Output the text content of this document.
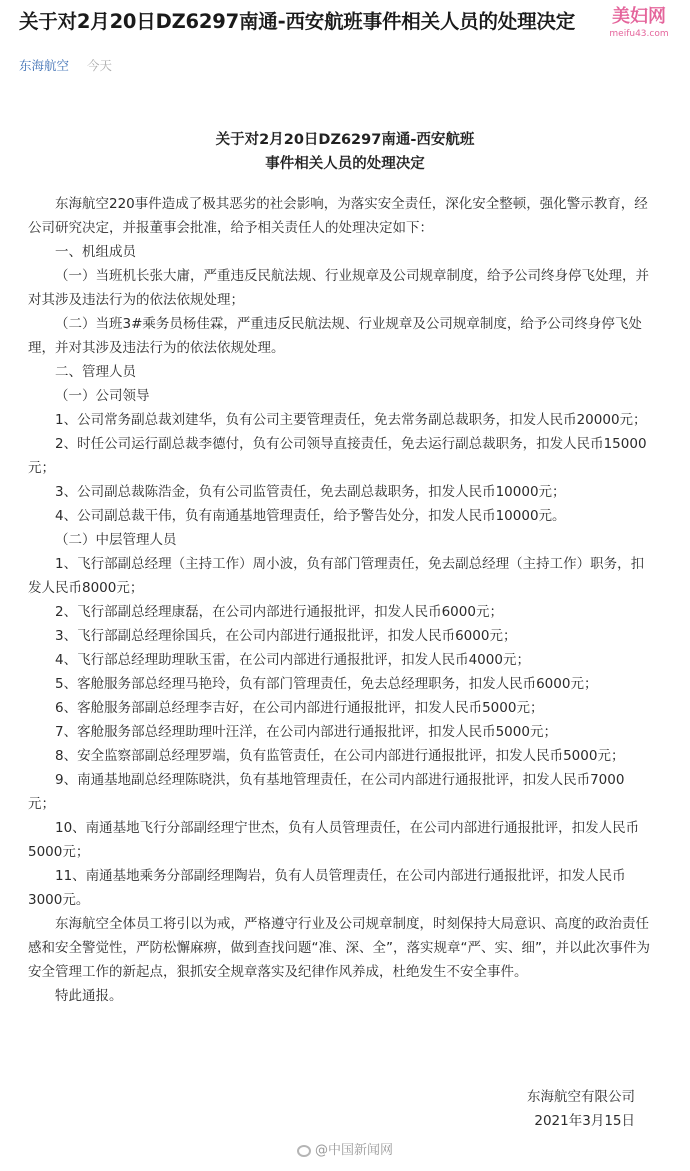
关于对2月20日DZ6297南通-西安航班事件相关人员的处理决定	美妇网
meifu43.com
东海航空 今天
关于对2月20日DZ6297南通-西安航班
事件相关人员的处理决定

东海航空220事件造成了极其恶劣的社会影响，为落实安全责任，深化安全整顿，强化警示教育，经公司研究决定，并报董事会批准，给予相关责任人的处理决定如下：

一、机组成员

（一）当班机长张大庸，严重违反民航法规、行业规章及公司规章制度，给予公司终身停飞处理，并对其涉及违法行为的依法依规处理；

（二）当班3#乘务员杨佳霖，严重违反民航法规、行业规章及公司规章制度，给予公司终身停飞处理，并对其涉及违法行为的依法依规处理。

二、管理人员

（一）公司领导

1、公司常务副总裁刘建华，负有公司主要管理责任，免去常务副总裁职务，扣发人民币20000元；

2、时任公司运行副总裁李德付，负有公司领导直接责任，免去运行副总裁职务，扣发人民币15000元；

3、公司副总裁陈浩金，负有公司监管责任，免去副总裁职务，扣发人民币10000元；

4、公司副总裁干伟，负有南通基地管理责任，给予警告处分，扣发人民币10000元。

（二）中层管理人员

1、飞行部副总经理（主持工作）周小波，负有部门管理责任，免去副总经理（主持工作）职务，扣发人民币8000元；

2、飞行部副总经理康磊，在公司内部进行通报批评，扣发人民币6000元；

3、飞行部副总经理徐国兵，在公司内部进行通报批评，扣发人民币6000元；

4、飞行部总经理助理耿玉雷，在公司内部进行通报批评，扣发人民币4000元；

5、客舱服务部总经理马艳玲，负有部门管理责任，免去总经理职务，扣发人民币6000元；

6、客舱服务部副总经理李吉好，在公司内部进行通报批评，扣发人民币5000元；

7、客舱服务部总经理助理叶汪洋，在公司内部进行通报批评，扣发人民币5000元；

8、安全监察部副总经理罗端，负有监管责任，在公司内部进行通报批评，扣发人民币5000元；

9、南通基地副总经理陈晓洪，负有基地管理责任，在公司内部进行通报批评，扣发人民币7000元；

10、南通基地飞行分部副经理宁世杰，负有人员管理责任，在公司内部进行通报批评，扣发人民币5000元；

11、南通基地乘务分部副经理陶岩，负有人员管理责任，在公司内部进行通报批评，扣发人民币3000元。

东海航空全体员工将引以为戒，严格遵守行业及公司规章制度，时刻保持大局意识、高度的政治责任感和安全警觉性，严防松懈麻痹，做到查找问题“准、深、全”，落实规章“严、实、细”，并以此次事件为安全管理工作的新起点，狠抓安全规章落实及纪律作风养成，杜绝发生不安全事件。

特此通报。

东海航空有限公司
2021年3月15日
@中国新闻网
